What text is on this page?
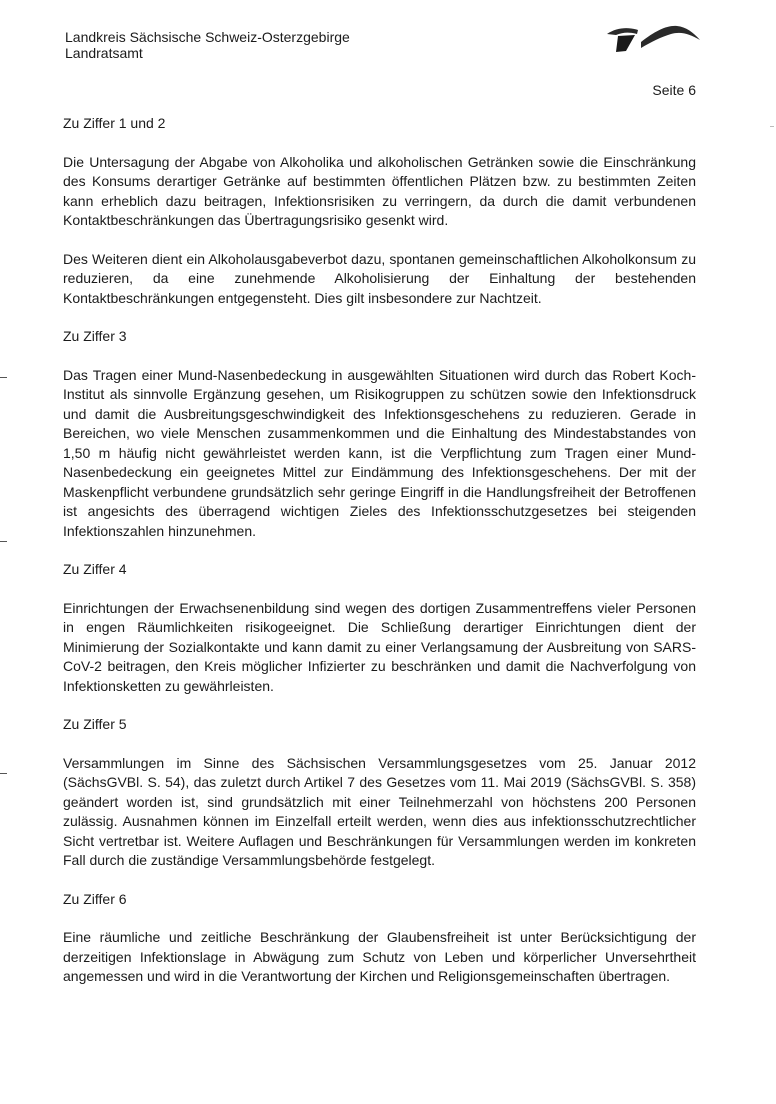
Landkreis Sächsische Schweiz-Osterzgebirge
Landratsamt
Seite 6

Zu Ziffer 1 und 2

Die Untersagung der Abgabe von Alkoholika und alkoholischen Getränken sowie die Einschränkung des Konsums derartiger Getränke auf bestimmten öffentlichen Plätzen bzw. zu bestimmten Zeiten kann erheblich dazu beitragen, Infektionsrisiken zu verringern, da durch die damit verbundenen Kontaktbeschränkungen das Übertragungsrisiko gesenkt wird.

Des Weiteren dient ein Alkoholausgabeverbot dazu, spontanen gemeinschaftlichen Alkoholkonsum zu reduzieren, da eine zunehmende Alkoholisierung der Einhaltung der bestehenden Kontaktbeschränkungen entgegensteht. Dies gilt insbesondere zur Nachtzeit.

Zu Ziffer 3

Das Tragen einer Mund-Nasenbedeckung in ausgewählten Situationen wird durch das Robert Koch-Institut als sinnvolle Ergänzung gesehen, um Risikogruppen zu schützen sowie den Infektionsdruck und damit die Ausbreitungsgeschwindigkeit des Infektionsgeschehens zu reduzieren. Gerade in Bereichen, wo viele Menschen zusammenkommen und die Einhaltung des Mindestabstandes von 1,50 m häufig nicht gewährleistet werden kann, ist die Verpflichtung zum Tragen einer Mund-Nasenbedeckung ein geeignetes Mittel zur Eindämmung des Infektionsgeschehens. Der mit der Maskenpflicht verbundene grundsätzlich sehr geringe Eingriff in die Handlungsfreiheit der Betroffenen ist angesichts des überragend wichtigen Zieles des Infektionsschutzgesetzes bei steigenden Infektionszahlen hinzunehmen.

Zu Ziffer 4

Einrichtungen der Erwachsenenbildung sind wegen des dortigen Zusammentreffens vieler Personen in engen Räumlichkeiten risikogeeignet. Die Schließung derartiger Einrichtungen dient der Minimierung der Sozialkontakte und kann damit zu einer Verlangsamung der Ausbreitung von SARS-CoV-2 beitragen, den Kreis möglicher Infizierter zu beschränken und damit die Nachverfolgung von Infektionsketten zu gewährleisten.

Zu Ziffer 5

Versammlungen im Sinne des Sächsischen Versammlungsgesetzes vom 25. Januar 2012 (SächsGVBl. S. 54), das zuletzt durch Artikel 7 des Gesetzes vom 11. Mai 2019 (SächsGVBl. S. 358) geändert worden ist, sind grundsätzlich mit einer Teilnehmerzahl von höchstens 200 Personen zulässig. Ausnahmen können im Einzelfall erteilt werden, wenn dies aus infektionsschutzrechtlicher Sicht vertretbar ist. Weitere Auflagen und Beschränkungen für Versammlungen werden im konkreten Fall durch die zuständige Versammlungsbehörde festgelegt.

Zu Ziffer 6

Eine räumliche und zeitliche Beschränkung der Glaubensfreiheit ist unter Berücksichtigung der derzeitigen Infektionslage in Abwägung zum Schutz von Leben und körperlicher Unversehrtheit angemessen und wird in die Verantwortung der Kirchen und Religionsgemeinschaften übertragen.
